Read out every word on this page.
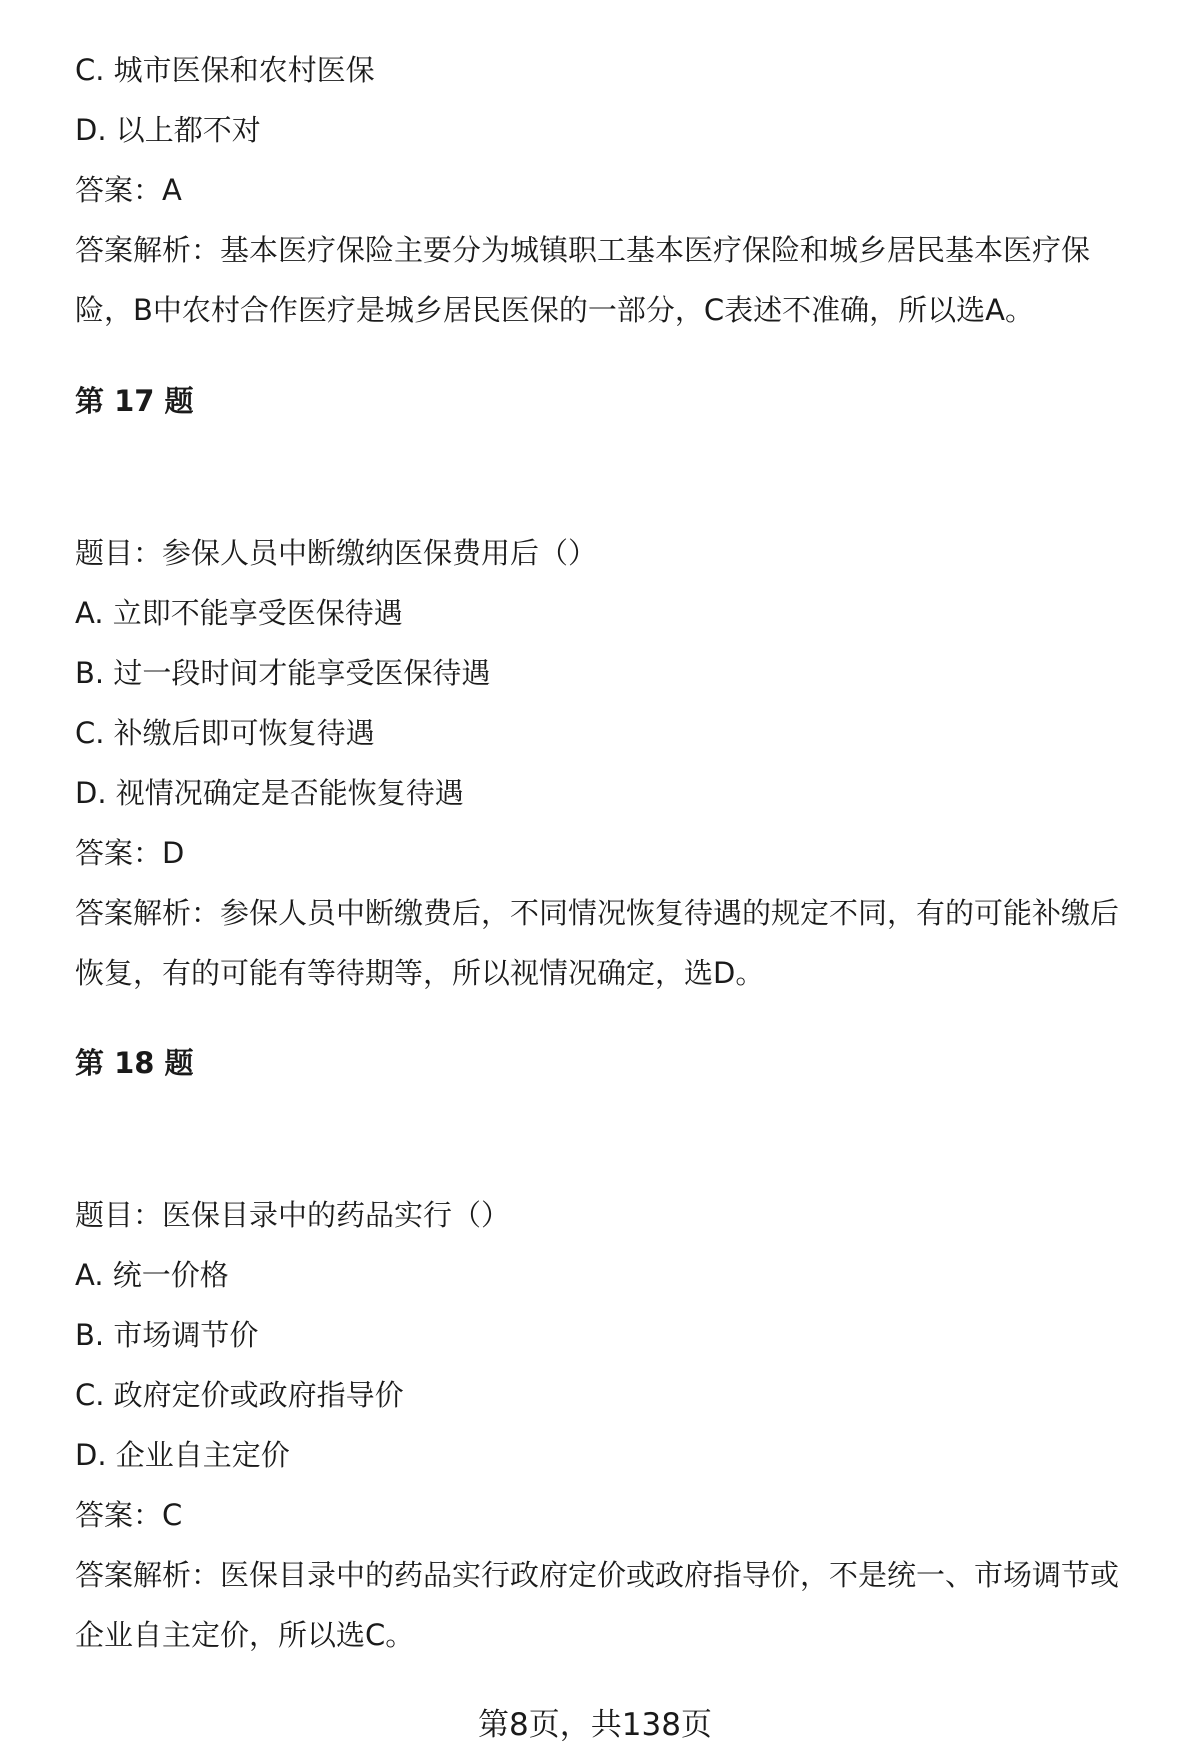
C. 城市医保和农村医保
D. 以上都不对
答案：A
答案解析：基本医疗保险主要分为城镇职工基本医疗保险和城乡居民基本医疗保
险，B中农村合作医疗是城乡居民医保的一部分，C表述不准确，所以选A。
第 17 题
题目：参保人员中断缴纳医保费用后（）
A. 立即不能享受医保待遇
B. 过一段时间才能享受医保待遇
C. 补缴后即可恢复待遇
D. 视情况确定是否能恢复待遇
答案：D
答案解析：参保人员中断缴费后，不同情况恢复待遇的规定不同，有的可能补缴后
恢复，有的可能有等待期等，所以视情况确定，选D。
第 18 题
题目：医保目录中的药品实行（）
A. 统一价格
B. 市场调节价
C. 政府定价或政府指导价
D. 企业自主定价
答案：C
答案解析：医保目录中的药品实行政府定价或政府指导价，不是统一、市场调节或
企业自主定价，所以选C。
第8页，共138页
